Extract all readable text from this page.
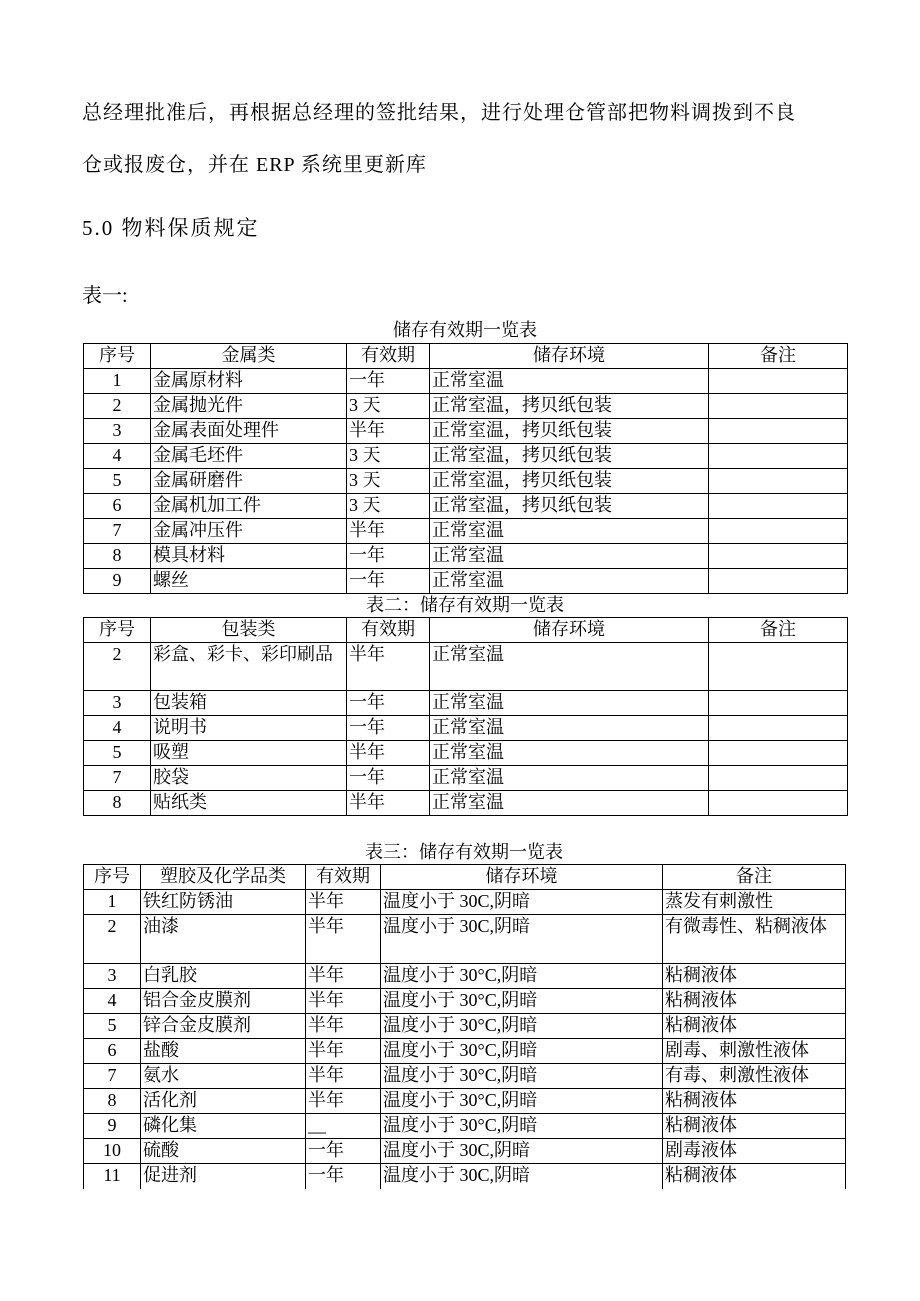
总经理批准后，再根据总经理的签批结果，进行处理仓管部把物料调拨到不良
仓或报废仓，并在 ERP 系统里更新库
5.0 物料保质规定
表一:
储存有效期一览表
序号	金属类	有效期	储存环境	备注
1	金属原材料	一年	正常室温	
2	金属抛光件	3 天	正常室温，拷贝纸包装	
3	金属表面处理件	半年	正常室温，拷贝纸包装	
4	金属毛坯件	3 天	正常室温，拷贝纸包装	
5	金属研磨件	3 天	正常室温，拷贝纸包装	
6	金属机加工件	3 天	正常室温，拷贝纸包装	
7	金属冲压件	半年	正常室温	
8	模具材料	一年	正常室温	
9	螺丝	一年	正常室温	
表二：储存有效期一览表
序号	包装类	有效期	储存环境	备注
2	彩盒、彩卡、彩印刷品	半年	正常室温	
3	包装箱	一年	正常室温	
4	说明书	一年	正常室温	
5	吸塑	半年	正常室温	
7	胶袋	一年	正常室温	
8	贴纸类	半年	正常室温	
表三：储存有效期一览表
序号	塑胶及化学品类	有效期	储存环境	备注
1	铁红防锈油	半年	温度小于 30C,阴暗	蒸发有刺激性
2	油漆	半年	温度小于 30C,阴暗	有微毒性、粘稠液体
3	白乳胶	半年	温度小于 30°C,阴暗	粘稠液体
4	铝合金皮膜剂	半年	温度小于 30°C,阴暗	粘稠液体
5	锌合金皮膜剂	半年	温度小于 30°C,阴暗	粘稠液体
6	盐酸	半年	温度小于 30°C,阴暗	剧毒、刺激性液体
7	氨水	半年	温度小于 30°C,阴暗	有毒、刺激性液体
8	活化剂	半年	温度小于 30°C,阴暗	粘稠液体
9	磷化集	__	温度小于 30°C,阴暗	粘稠液体
10	硫酸	一年	温度小于 30C,阴暗	剧毒液体
11	促进剂	一年	温度小于 30C,阴暗	粘稠液体
